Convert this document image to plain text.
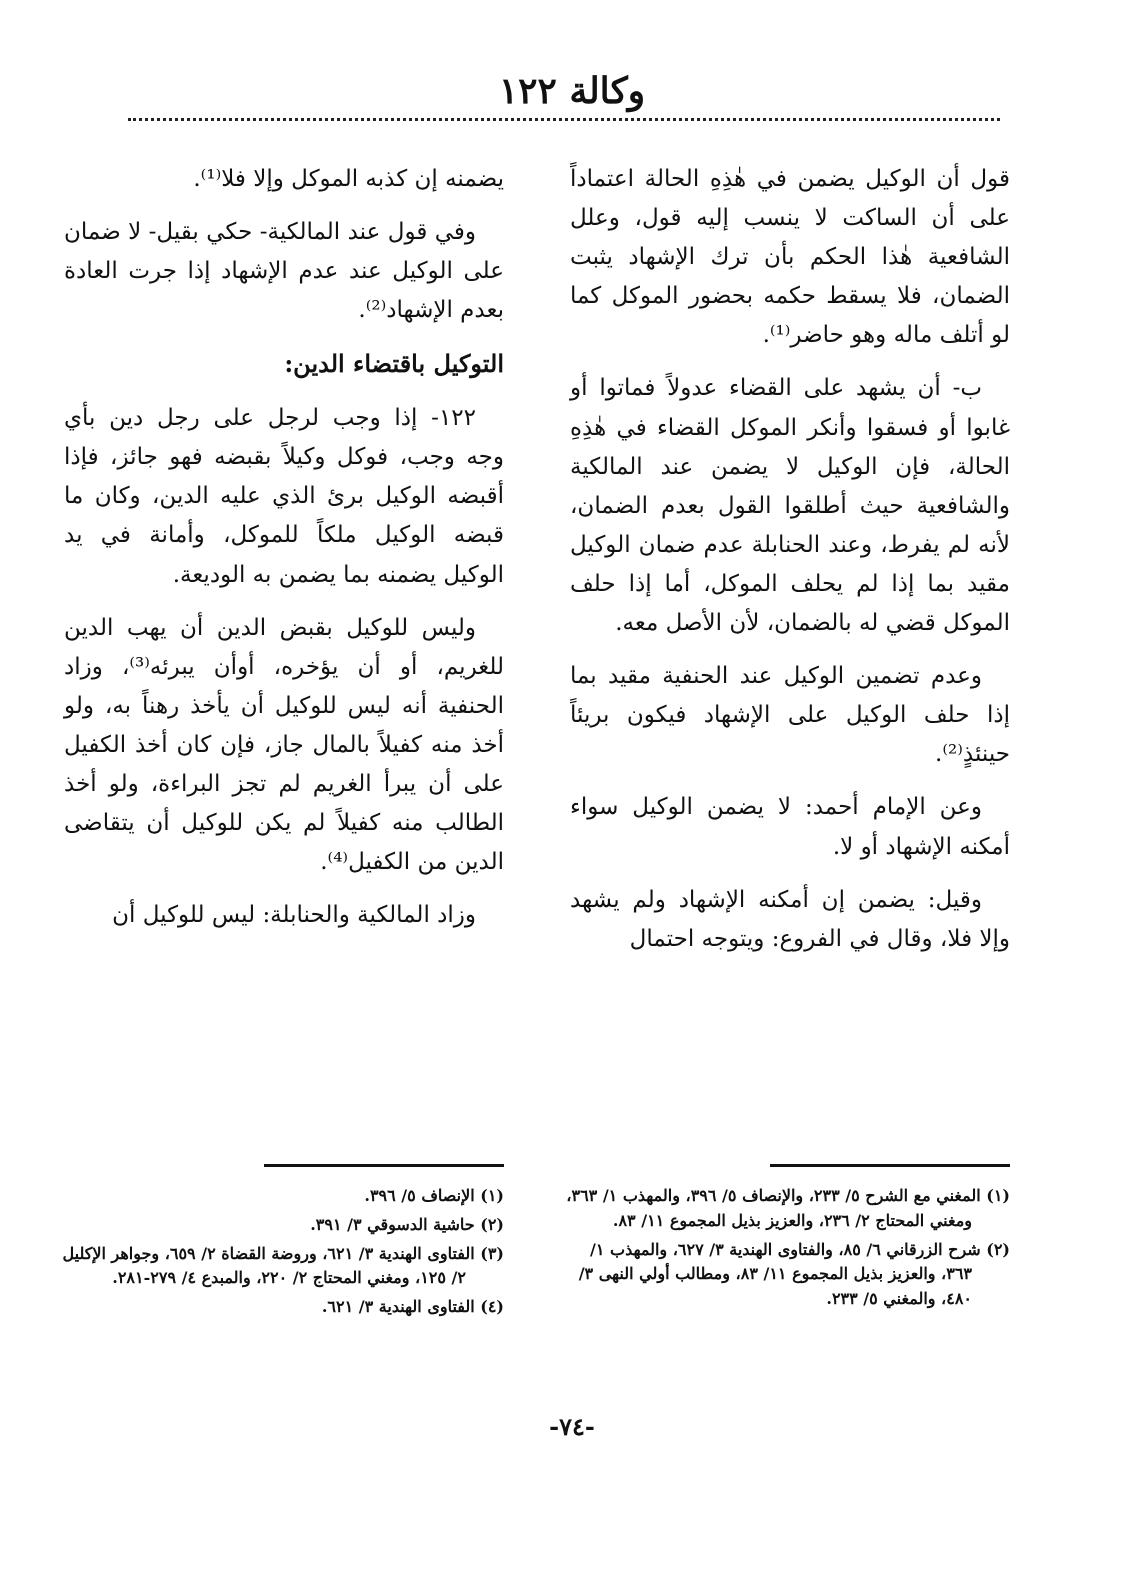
وكالة ١٢٢

قول أن الوكيل يضمن في هٰذِهِ الحالة اعتماداً على أن الساكت لا ينسب إليه قول، وعلل الشافعية هٰذا الحكم بأن ترك الإشهاد يثبت الضمان، فلا يسقط حكمه بحضور الموكل كما لو أتلف ماله وهو حاضر⁽¹⁾.

ب- أن يشهد على القضاء عدولاً فماتوا أو غابوا أو فسقوا وأنكر الموكل القضاء في هٰذِهِ الحالة، فإن الوكيل لا يضمن عند المالكية والشافعية حيث أطلقوا القول بعدم الضمان، لأنه لم يفرط، وعند الحنابلة عدم ضمان الوكيل مقيد بما إذا لم يحلف الموكل، أما إذا حلف الموكل قضي له بالضمان، لأن الأصل معه.

وعدم تضمين الوكيل عند الحنفية مقيد بما إذا حلف الوكيل على الإشهاد فيكون بريئاً حينئذٍ⁽²⁾.

وعن الإمام أحمد: لا يضمن الوكيل سواء أمكنه الإشهاد أو لا.

وقيل: يضمن إن أمكنه الإشهاد ولم يشهد وإلا فلا، وقال في الفروع: ويتوجه احتمال

يضمنه إن كذبه الموكل وإلا فلا⁽¹⁾.

وفي قول عند المالكية- حكي بقيل- لا ضمان على الوكيل عند عدم الإشهاد إذا جرت العادة بعدم الإشهاد⁽²⁾.

التوكيل باقتضاء الدين:

١٢٢- إذا وجب لرجل على رجل دين بأي وجه وجب، فوكل وكيلاً بقبضه فهو جائز، فإذا أقبضه الوكيل برئ الذي عليه الدين، وكان ما قبضه الوكيل ملكاً للموكل، وأمانة في يد الوكيل يضمنه بما يضمن به الوديعة.

وليس للوكيل بقبض الدين أن يهب الدين للغريم، أو أن يؤخره، أوأن يبرئه⁽³⁾، وزاد الحنفية أنه ليس للوكيل أن يأخذ رهناً به، ولو أخذ منه كفيلاً بالمال جاز، فإن كان أخذ الكفيل على أن يبرأ الغريم لم تجز البراءة، ولو أخذ الطالب منه كفيلاً لم يكن للوكيل أن يتقاضى الدين من الكفيل⁽⁴⁾.

وزاد المالكية والحنابلة: ليس للوكيل أن

(١) المغني مع الشرح ٥/ ٢٣٣، والإنصاف ٥/ ٣٩٦، والمهذب ١/ ٣٦٣، ومغني المحتاج ٢/ ٢٣٦، والعزيز بذيل المجموع ١١/ ٨٣.

(٢) شرح الزرقاني ٦/ ٨٥، والفتاوى الهندية ٣/ ٦٢٧، والمهذب ١/ ٣٦٣، والعزيز بذيل المجموع ١١/ ٨٣، ومطالب أولي النهى ٣/ ٤٨٠، والمغني ٥/ ٢٣٣.

(١) الإنصاف ٥/ ٣٩٦.

(٢) حاشية الدسوقي ٣/ ٣٩١.

(٣) الفتاوى الهندية ٣/ ٦٢١، وروضة القضاة ٢/ ٦٥٩، وجواهر الإكليل ٢/ ١٢٥، ومغني المحتاج ٢/ ٢٢٠، والمبدع ٤/ ٢٧٩-٢٨١.

(٤) الفتاوى الهندية ٣/ ٦٢١.

-٧٤-
